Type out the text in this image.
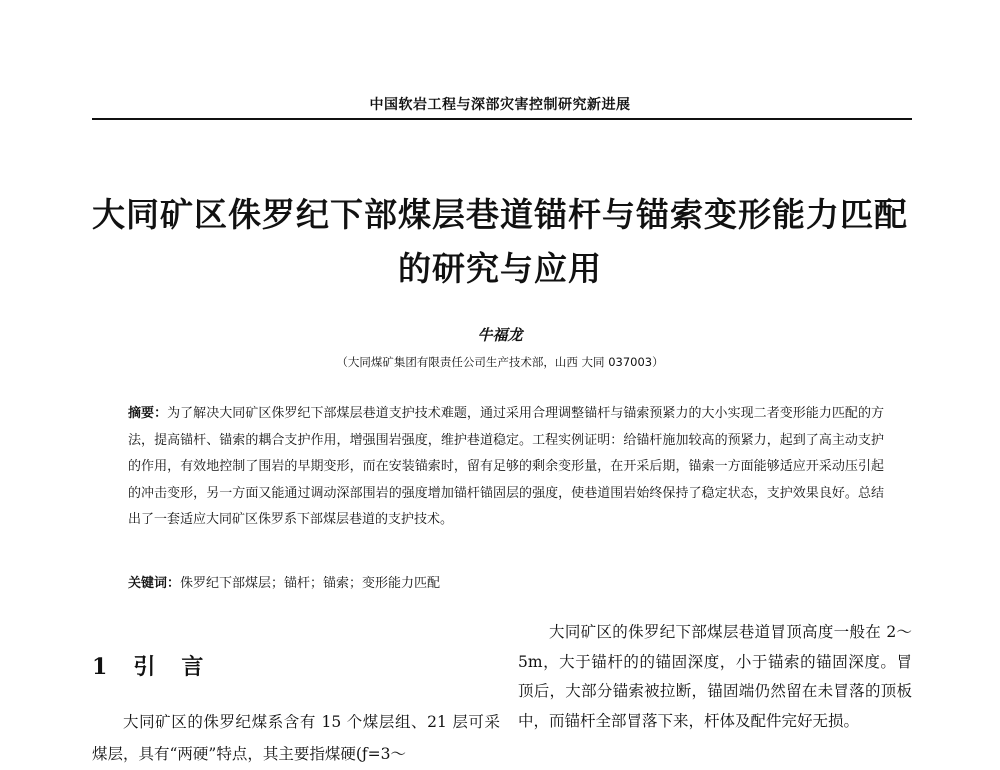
中国软岩工程与深部灾害控制研究新进展
大同矿区侏罗纪下部煤层巷道锚杆与锚索变形能力匹配的研究与应用
牛福龙
（大同煤矿集团有限责任公司生产技术部，山西 大同 037003）
摘要：为了解决大同矿区侏罗纪下部煤层巷道支护技术难题，通过采用合理调整锚杆与锚索预紧力的大小实现二者变形能力匹配的方法，提高锚杆、锚索的耦合支护作用，增强围岩强度，维护巷道稳定。工程实例证明：给锚杆施加较高的预紧力，起到了高主动支护的作用，有效地控制了围岩的早期变形，而在安装锚索时，留有足够的剩余变形量，在开采后期，锚索一方面能够适应开采动压引起的冲击变形，另一方面又能通过调动深部围岩的强度增加锚杆锚固层的强度，使巷道围岩始终保持了稳定状态，支护效果良好。总结出了一套适应大同矿区侏罗系下部煤层巷道的支护技术。
关键词：侏罗纪下部煤层；锚杆；锚索；变形能力匹配
1 引言
大同矿区的侏罗纪煤系含有 15 个煤层组、21 层可采煤层，具有“两硬”特点，其主要指煤硬(ƒ=3～
大同矿区的侏罗纪下部煤层巷道冒顶高度一般在 2～5m，大于锚杆的的锚固深度，小于锚索的锚固深度。冒顶后，大部分锚索被拉断，锚固端仍然留在未冒落的顶板中，而锚杆全部冒落下来，杆体及配件完好无损。
